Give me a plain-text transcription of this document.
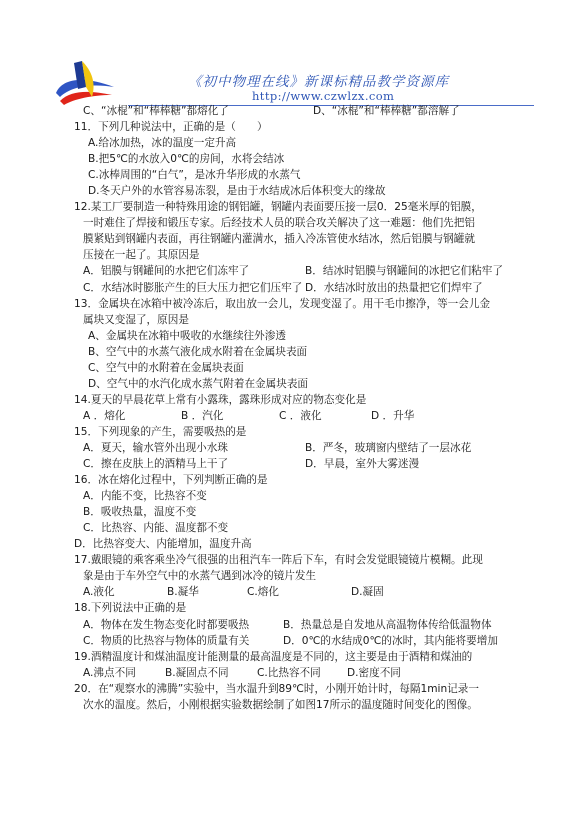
《初中物理在线》新课标精品教学资源库
http://www.czwlzx.com
C、“冰棍”和“棒棒糖”都熔化了	D、“冰棍”和“棒棒糖”都溶解了
11．下列几种说法中，正确的是（　　）
A.给冰加热，冰的温度一定升高
B.把5℃的水放入0℃的房间，水将会结冰
C.冰棒周围的“白气”，是冰升华形成的水蒸气
D.冬天户外的水管容易冻裂，是由于水结成冰后体积变大的缘故
12.某工厂要制造一种特殊用途的钢铝罐，钢罐内表面要压接一层0．25毫米厚的铝膜，
一时难住了焊接和锻压专家。后经技术人员的联合攻关解决了这一难题：他们先把铝
膜紧贴到钢罐内表面，再往钢罐内灌满水，插入冷冻管使水结冰，然后铝膜与钢罐就
压接在一起了。其原因是
A．铝膜与钢罐间的水把它们冻牢了	B．结冰时铝膜与钢罐间的冰把它们粘牢了
C．水结冰时膨胀产生的巨大压力把它们压牢了 D．水结冰时放出的热量把它们焊牢了
13．金属块在冰箱中被冷冻后，取出放一会儿，发现变湿了。用干毛巾擦净，等一会儿金
属块又变湿了，原因是
A、金属块在冰箱中吸收的水继续往外渗透
B、空气中的水蒸气液化成水附着在金属块表面
C、空气中的水附着在金属块表面
D、空气中的水汽化成水蒸气附着在金属块表面
14.夏天的早晨花草上常有小露珠，露珠形成对应的物态变化是
A ．熔化	B ．汽化	C ．液化	D ．升华
15．下列现象的产生，需要吸热的是
A．夏天，输水管外出现小水珠	B．严冬，玻璃窗内壁结了一层冰花
C．擦在皮肤上的酒精马上干了	D．早晨，室外大雾迷漫
16．冰在熔化过程中，下列判断正确的是
A．内能不变，比热容不变
B．吸收热量，温度不变
C．比热容、内能、温度都不变
D．比热容变大、内能增加，温度升高
17.戴眼镜的乘客乘坐冷气很强的出租汽车一阵后下车，有时会发觉眼镜镜片模糊。此现
象是由于车外空气中的水蒸气遇到冰冷的镜片发生
A.液化	B.凝华	C.熔化	D.凝固
18.下列说法中正确的是
A．物体在发生物态变化时都要吸热	B．热量总是自发地从高温物体传给低温物体
C．物质的比热容与物体的质量有关	D．0℃的水结成0℃的冰时，其内能将要增加
19.酒精温度计和煤油温度计能测量的最高温度是不同的，这主要是由于酒精和煤油的
A.沸点不同	B.凝固点不同	C.比热容不同	D.密度不同
20．在“观察水的沸腾”实验中，当水温升到89℃时，小刚开始计时，每隔1min记录一
次水的温度。然后，小刚根据实验数据绘制了如图17所示的温度随时间变化的图像。
